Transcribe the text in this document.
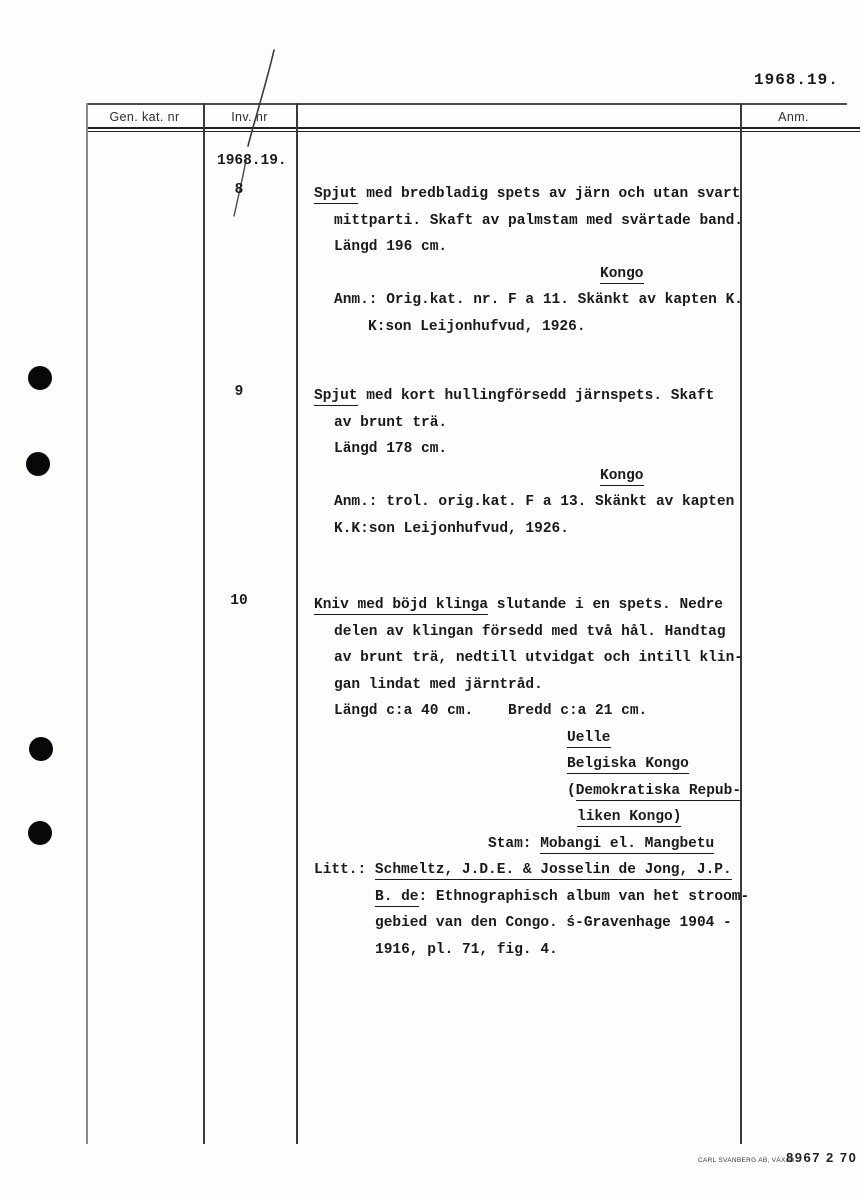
1968.19.
Gen. kat. nr	Inv. nr	Anm.
1968.19.
8
9
10
Spjut med bredbladig spets av järn och utan svart
mittparti. Skaft av palmstam med svärtade band.
Längd 196 cm.
Kongo
Anm.: Orig.kat. nr. F a 11. Skänkt av kapten K.
K:son Leijonhufvud, 1926.
Spjut med kort hullingförsedd järnspets. Skaft
av brunt trä.
Längd 178 cm.
Kongo
Anm.: trol. orig.kat. F a 13. Skänkt av kapten
K.K:son Leijonhufvud, 1926.
Kniv med böjd klinga slutande i en spets. Nedre
delen av klingan försedd med två hål. Handtag
av brunt trä, nedtill utvidgat och intill klin-
gan lindat med järntråd.
Längd c:a 40 cm.    Bredd c:a 21 cm.
Uelle
Belgiska Kongo
(Demokratiska Repub-
liken Kongo)
Stam: Mobangi el. Mangbetu
Litt.: Schmeltz, J.D.E. & Josselin de Jong, J.P.
B. de: Ethnographisch album van het stroom-
gebied van den Congo. ś-Gravenhage 1904 -
1916, pl. 71, fig. 4.
CARL SVANBERG AB, VÄXJÖ
8967 2 70
